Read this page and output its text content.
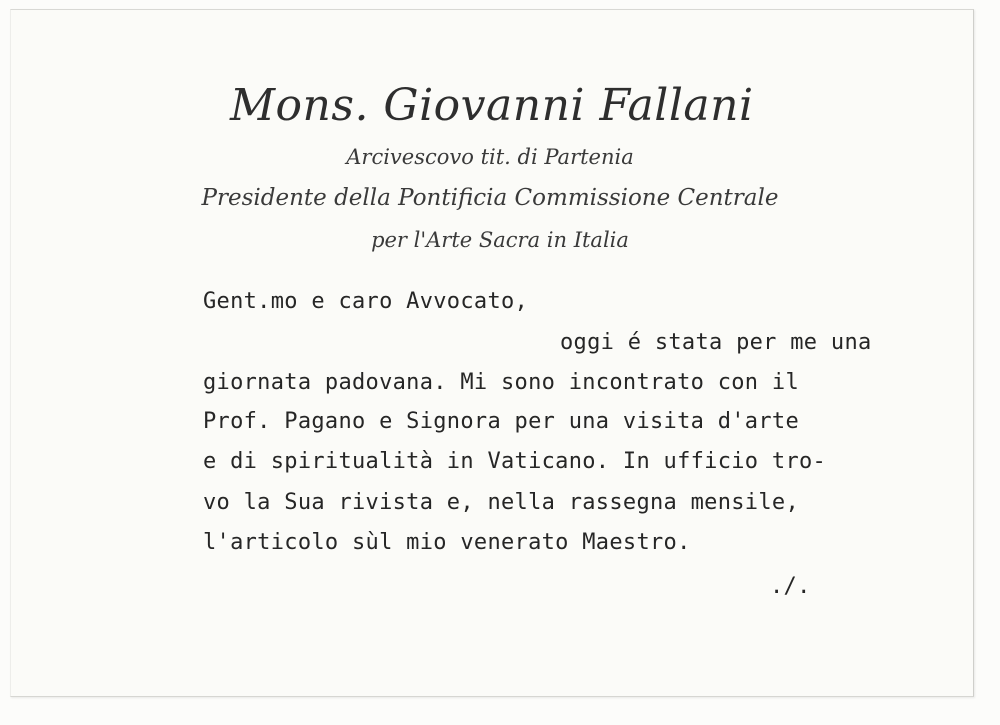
Mons. Giovanni Fallani
Arcivescovo tit. di Partenia
Presidente della Pontificia Commissione Centrale
per l'Arte Sacra in Italia
Gent.mo e caro Avvocato,
oggi é stata per me una
giornata padovana. Mi sono incontrato con il
Prof. Pagano e Signora per una visita d'arte
e di spiritualità in Vaticano. In ufficio tro-
vo la Sua rivista e, nella rassegna mensile,
l'articolo sùl mio venerato Maestro.
./.
